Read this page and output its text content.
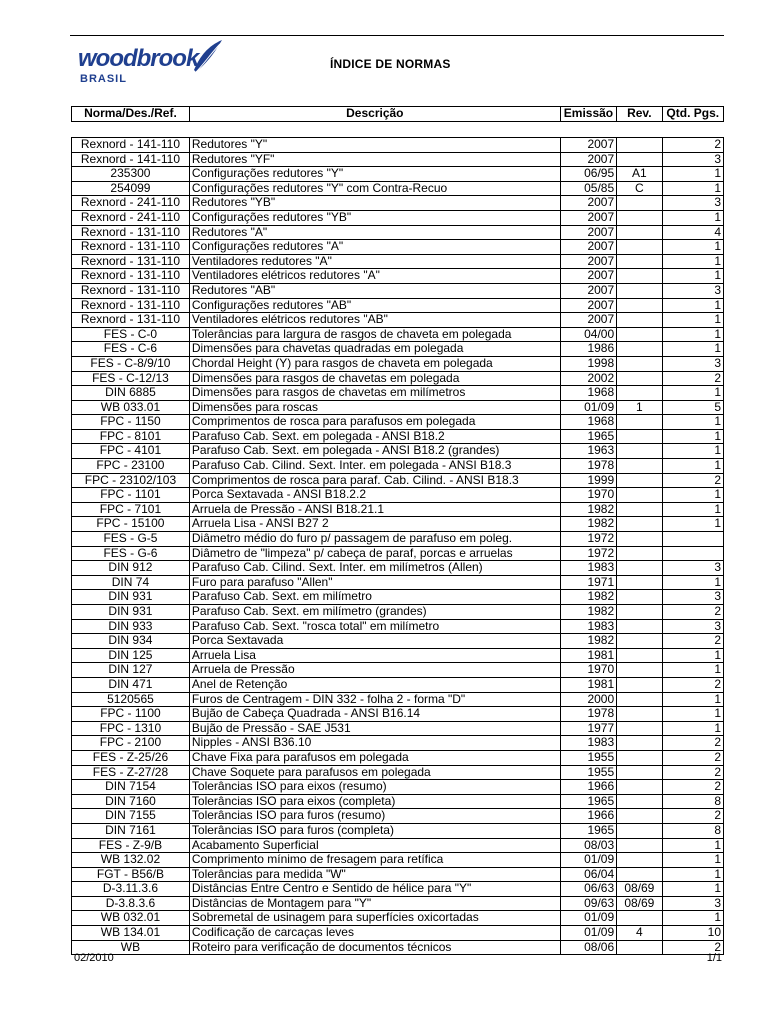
woodbrook
BRASIL
ÍNDICE DE NORMAS
Norma/Des./Ref.	Descrição	Emissão	Rev.	Qtd. Pgs.
Rexnord - 141-110	Redutores "Y"	2007		2
Rexnord - 141-110	Redutores "YF"	2007		3
235300	Configurações redutores "Y"	06/95	A1	1
254099	Configurações redutores "Y" com Contra-Recuo	05/85	C	1
Rexnord - 241-110	Redutores "YB"	2007		3
Rexnord - 241-110	Configurações redutores "YB"	2007		1
Rexnord - 131-110	Redutores "A"	2007		4
Rexnord - 131-110	Configurações redutores "A"	2007		1
Rexnord - 131-110	Ventiladores redutores "A"	2007		1
Rexnord - 131-110	Ventiladores elétricos redutores "A"	2007		1
Rexnord - 131-110	Redutores "AB"	2007		3
Rexnord - 131-110	Configurações redutores "AB"	2007		1
Rexnord - 131-110	Ventiladores elétricos redutores "AB"	2007		1
FES - C-0	Tolerâncias para largura de rasgos de chaveta em polegada	04/00		1
FES - C-6	Dimensões para chavetas quadradas em polegada	1986		1
FES - C-8/9/10	Chordal Height (Y) para rasgos de chaveta em polegada	1998		3
FES - C-12/13	Dimensões para rasgos de chavetas em polegada	2002		2
DIN 6885	Dimensões para rasgos de chavetas em milímetros	1968		1
WB 033.01	Dimensões para roscas	01/09	1	5
FPC - 1150	Comprimentos de rosca para parafusos em polegada	1968		1
FPC - 8101	Parafuso Cab. Sext. em polegada - ANSI B18.2	1965		1
FPC - 4101	Parafuso Cab. Sext. em polegada - ANSI B18.2 (grandes)	1963		1
FPC - 23100	Parafuso Cab. Cilind. Sext. Inter. em polegada - ANSI B18.3	1978		1
FPC - 23102/103	Comprimentos de rosca para paraf. Cab. Cilind. - ANSI B18.3	1999		2
FPC - 1101	Porca Sextavada - ANSI B18.2.2	1970		1
FPC - 7101	Arruela de Pressão - ANSI B18.21.1	1982		1
FPC - 15100	Arruela Lisa - ANSI B27 2	1982		1
FES - G-5	Diâmetro médio do furo p/ passagem de parafuso em poleg.	1972		
FES - G-6	Diâmetro de "limpeza" p/ cabeça de paraf, porcas e arruelas	1972		
DIN 912	Parafuso Cab. Cilind. Sext. Inter. em milímetros (Allen)	1983		3
DIN 74	Furo para parafuso "Allen"	1971		1
DIN 931	Parafuso Cab. Sext. em milímetro	1982		3
DIN 931	Parafuso Cab. Sext. em milímetro (grandes)	1982		2
DIN 933	Parafuso Cab. Sext. "rosca total" em milímetro	1983		3
DIN 934	Porca Sextavada	1982		2
DIN 125	Arruela Lisa	1981		1
DIN 127	Arruela de Pressão	1970		1
DIN 471	Anel de Retenção	1981		2
5120565	Furos de Centragem - DIN 332 - folha 2 - forma "D"	2000		1
FPC - 1100	Bujão de Cabeça Quadrada - ANSI B16.14	1978		1
FPC - 1310	Bujão de Pressão - SAE J531	1977		1
FPC - 2100	Nipples - ANSI B36.10	1983		2
FES - Z-25/26	Chave Fixa para parafusos em polegada	1955		2
FES - Z-27/28	Chave Soquete para parafusos em polegada	1955		2
DIN 7154	Tolerâncias ISO para eixos (resumo)	1966		2
DIN 7160	Tolerâncias ISO para eixos (completa)	1965		8
DIN 7155	Tolerâncias ISO para furos (resumo)	1966		2
DIN 7161	Tolerâncias ISO para furos (completa)	1965		8
FES - Z-9/B	Acabamento Superficial	08/03		1
WB 132.02	Comprimento mínimo de fresagem para retífica	01/09		1
FGT - B56/B	Tolerâncias para medida "W"	06/04		1
D-3.11.3.6	Distâncias Entre Centro e Sentido de hélice para "Y"	06/63	08/69	1
D-3.8.3.6	Distâncias de Montagem para "Y"	09/63	08/69	3
WB 032.01	Sobremetal de usinagem para superfícies oxicortadas	01/09		1
WB 134.01	Codificação de carcaças leves	01/09	4	10
WB	Roteiro para verificação de documentos técnicos	08/06		2
02/2010	1/1
